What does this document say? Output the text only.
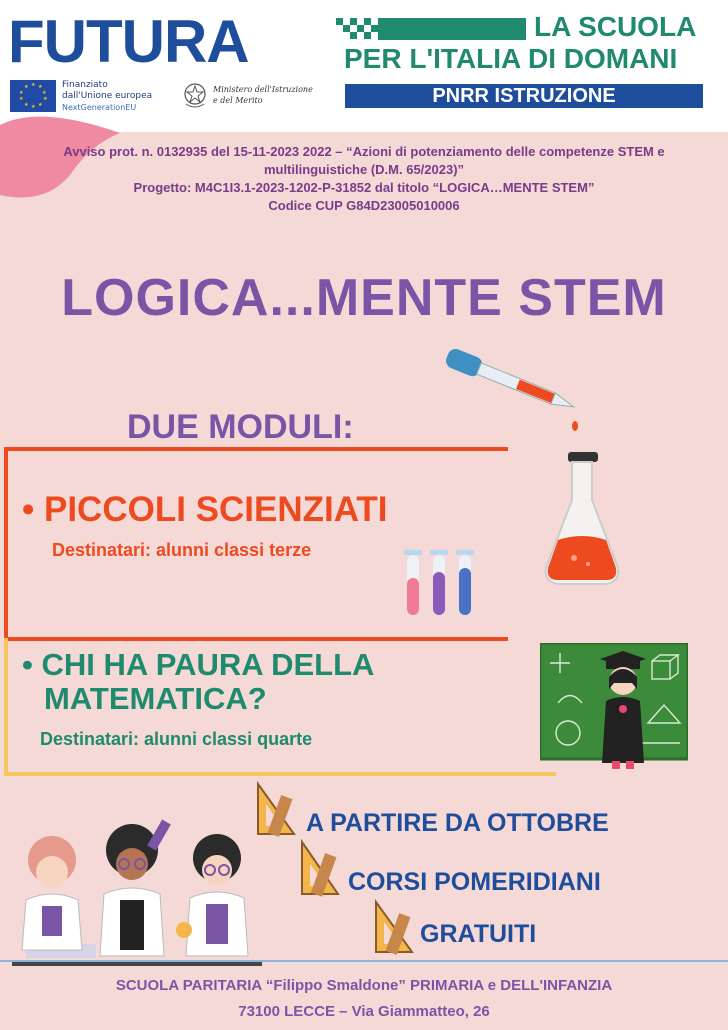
FUTURA
★ ★
★
★
★
★
★
★
★
★	Finanziato
dall'Unione europea
NextGenerationEU
Ministero dell'Istruzione
e del Merito
LA SCUOLA
PER L'ITALIA DI DOMANI
PNRR ISTRUZIONE
Avviso prot. n. 0132935 del 15-11-2023 2022 – “Azioni di potenziamento delle competenze STEM e
multilinguistiche (D.M. 65/2023)”
Progetto: M4C1I3.1-2023-1202-P-31852 dal titolo “LOGICA…MENTE STEM”
Codice CUP G84D23005010006
LOGICA...MENTE STEM
DUE MODULI:
• PICCOLI SCIENZIATI
Destinatari: alunni classi terze
• CHI HA PAURA DELLA
MATEMATICA?
Destinatari: alunni classi quarte
A PARTIRE DA OTTOBRE
CORSI POMERIDIANI
GRATUITI
SCUOLA PARITARIA “Filippo Smaldone” PRIMARIA e DELL'INFANZIA
73100 LECCE – Via Giammatteo, 26
